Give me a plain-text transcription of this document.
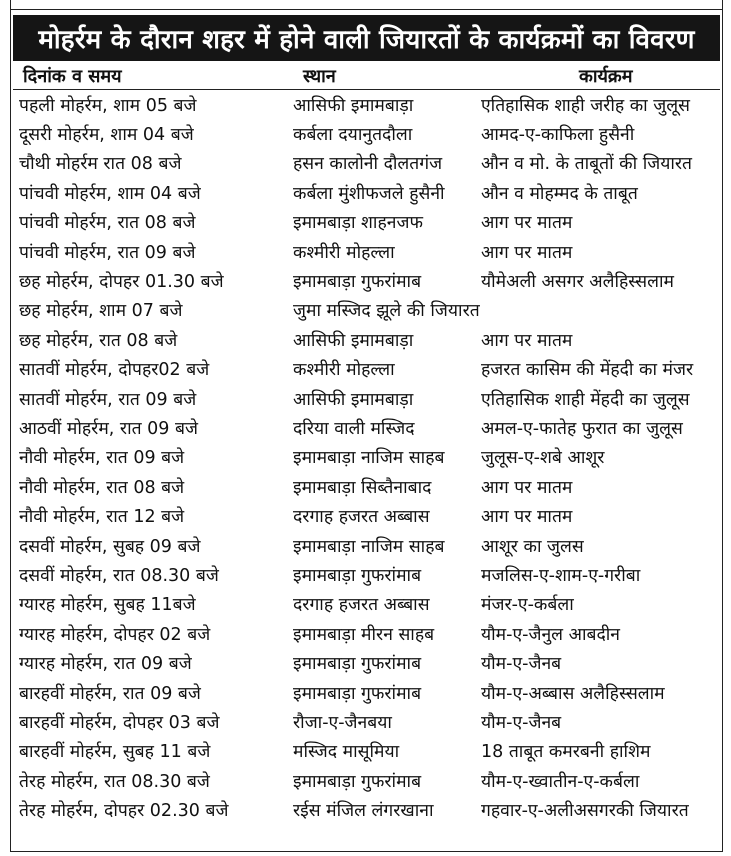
मोहर्रम के दौरान शहर में होने वाली जियारतों के कार्यक्रमों का विवरण
दिनांक व समय	स्थान	कार्यक्रम
पहली मोहर्रम, शाम 05 बजे	आसिफी इमामबाड़ा	एतिहासिक शाही जरीह का जुलूस
दूसरी मोहर्रम, शाम 04 बजे	कर्बला दयानुतदौला	आमद-ए-काफिला हुसैनी
चौथी मोहर्रम रात 08 बजे	हसन कालोनी दौलतगंज	औन व मो. के ताबूतों की जियारत
पांचवी मोहर्रम, शाम 04 बजे	कर्बला मुंशीफजले हुसैनी	औन व मोहम्मद के ताबूत
पांचवी मोहर्रम, रात 08 बजे	इमामबाड़ा शाहनजफ	आग पर मातम
पांचवी मोहर्रम, रात 09 बजे	कश्मीरी मोहल्ला	आग पर मातम
छह मोहर्रम, दोपहर 01.30 बजे	इमामबाड़ा गुफरांमाब	यौमेअली असगर अलैहिस्सलाम
छह मोहर्रम, शाम 07 बजे	जुमा मस्जिद झूले की जियारत
छह मोहर्रम, रात 08 बजे	आसिफी इमामबाड़ा	आग पर मातम
सातवीं मोहर्रम, दोपहर02 बजे	कश्मीरी मोहल्ला	हजरत कासिम की मेंहदी का मंजर
सातवीं मोहर्रम, रात 09 बजे	आसिफी इमामबाड़ा	एतिहासिक शाही मेंहदी का जुलूस
आठवीं मोहर्रम, रात 09 बजे	दरिया वाली मस्जिद	अमल-ए-फातेह फुरात का जुलूस
नौवी मोहर्रम, रात 09 बजे	इमामबाड़ा नाजिम साहब	जुलूस-ए-शबे आशूर
नौवी मोहर्रम, रात 08 बजे	इमामबाड़ा सिब्तैनाबाद	आग पर मातम
नौवी मोहर्रम, रात 12 बजे	दरगाह हजरत अब्बास	आग पर मातम
दसवीं मोहर्रम, सुबह 09 बजे	इमामबाड़ा नाजिम साहब	आशूर का जुलस
दसवीं मोहर्रम, रात 08.30 बजे	इमामबाड़ा गुफरांमाब	मजलिस-ए-शाम-ए-गरीबा
ग्यारह मोहर्रम, सुबह 11बजे	दरगाह हजरत अब्बास	मंजर-ए-कर्बला
ग्यारह मोहर्रम, दोपहर 02 बजे	इमामबाड़ा मीरन साहब	यौम-ए-जैनुल आबदीन
ग्यारह मोहर्रम, रात 09 बजे	इमामबाड़ा गुफरांमाब	यौम-ए-जैनब
बारहवीं मोहर्रम, रात 09 बजे	इमामबाड़ा गुफरांमाब	यौम-ए-अब्बास अलैहिस्सलाम
बारहवीं मोहर्रम, दोपहर 03 बजे	रौजा-ए-जैनबया	यौम-ए-जैनब
बारहवीं मोहर्रम, सुबह 11 बजे	मस्जिद मासूमिया	18 ताबूत कमरबनी हाशिम
तेरह मोहर्रम, रात 08.30 बजे	इमामबाड़ा गुफरांमाब	यौम-ए-ख्वातीन-ए-कर्बला
तेरह मोहर्रम, दोपहर 02.30 बजे	रईस मंजिल लंगरखाना	गहवार-ए-अलीअसगरकी जियारत
